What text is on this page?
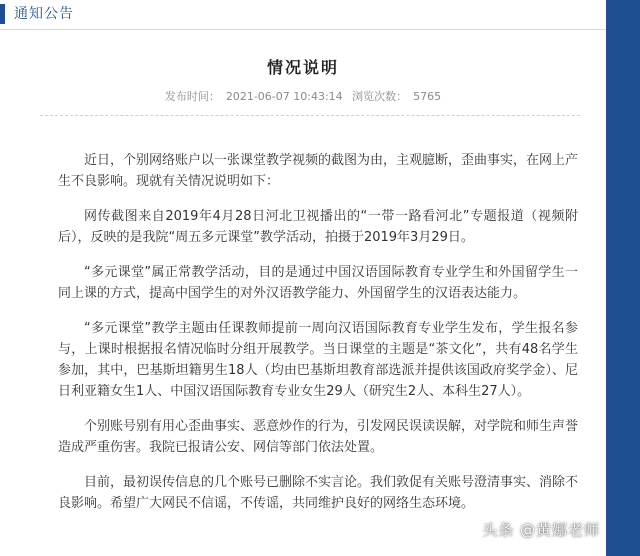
通知公告
情况说明
发布时间： 2021-06-07 10:43:14 浏览次数： 5765

近日，个别网络账户以一张课堂教学视频的截图为由，主观臆断，歪曲事实，在网上产生不良影响。现就有关情况说明如下：

网传截图来自2019年4月28日河北卫视播出的“一带一路看河北”专题报道（视频附后），反映的是我院“周五多元课堂”教学活动，拍摄于2019年3月29日。

“多元课堂”属正常教学活动，目的是通过中国汉语国际教育专业学生和外国留学生一同上课的方式，提高中国学生的对外汉语教学能力、外国留学生的汉语表达能力。

“多元课堂”教学主题由任课教师提前一周向汉语国际教育专业学生发布，学生报名参与，上课时根据报名情况临时分组开展教学。当日课堂的主题是“茶文化”，共有48名学生参加，其中，巴基斯坦籍男生18人（均由巴基斯坦教育部选派并提供该国政府奖学金）、尼日利亚籍女生1人、中国汉语国际教育专业女生29人（研究生2人、本科生27人）。

个别账号别有用心歪曲事实、恶意炒作的行为，引发网民误读误解，对学院和师生声誉造成严重伤害。我院已报请公安、网信等部门依法处置。

目前，最初误传信息的几个账号已删除不实言论。我们敦促有关账号澄清事实、消除不良影响。希望广大网民不信谣，不传谣，共同维护良好的网络生态环境。

头条 @黄娜老师
